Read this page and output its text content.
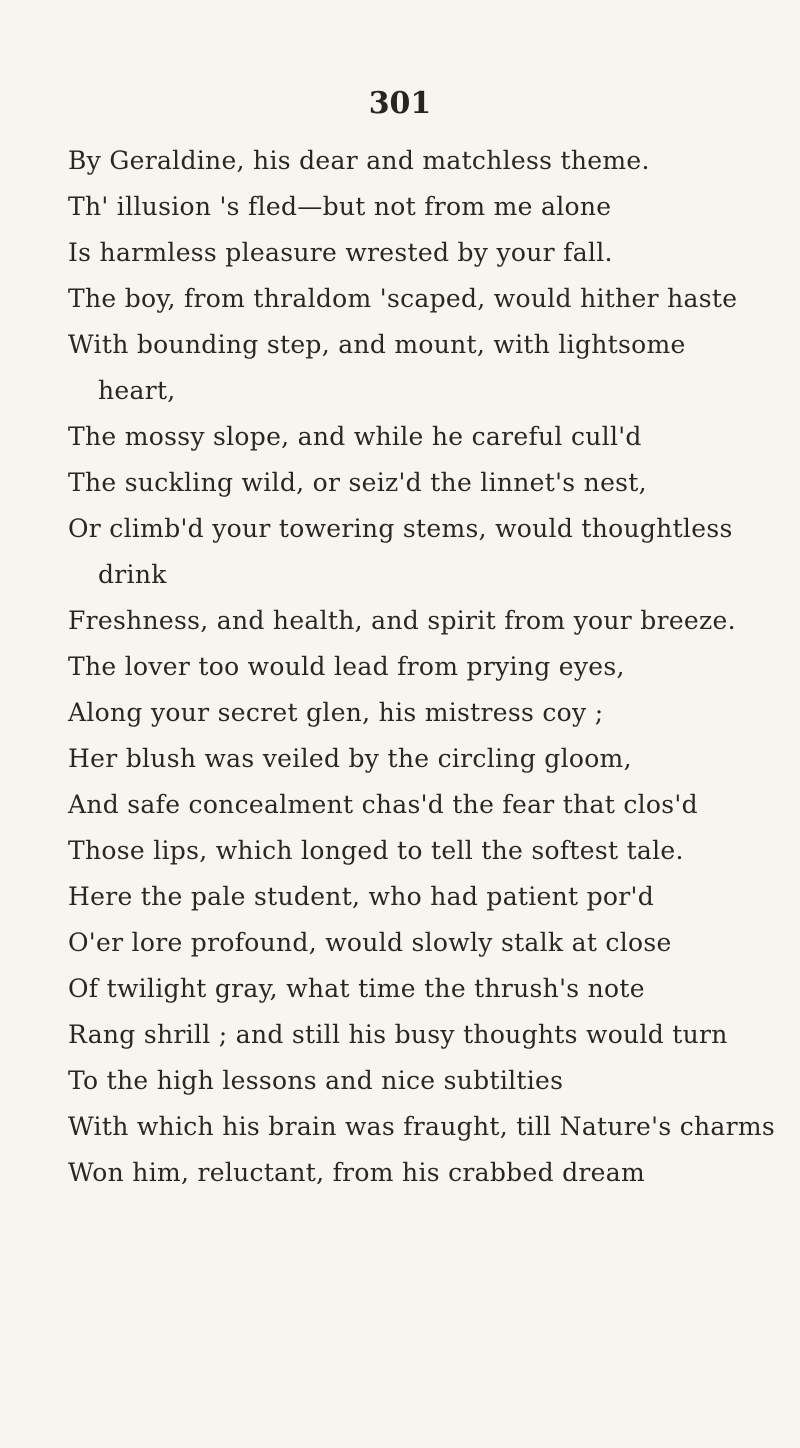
301
By Geraldine, his dear and matchless theme.
Th' illusion 's fled—but not from me alone
Is harmless pleasure wrested by your fall.
The boy, from thraldom 'scaped, would hither haste
With bounding step, and mount, with lightsome
heart,
The mossy slope, and while he careful cull'd
The suckling wild, or seiz'd the linnet's nest,
Or climb'd your towering stems, would thoughtless
drink
Freshness, and health, and spirit from your breeze.
The lover too would lead from prying eyes,
Along your secret glen, his mistress coy ;
Her blush was veiled by the circling gloom,
And safe concealment chas'd the fear that clos'd
Those lips, which longed to tell the softest tale.
Here the pale student, who had patient por'd
O'er lore profound, would slowly stalk at close
Of twilight gray, what time the thrush's note
Rang shrill ; and still his busy thoughts would turn
To the high lessons and nice subtilties
With which his brain was fraught, till Nature's charms
Won him, reluctant, from his crabbed dream
